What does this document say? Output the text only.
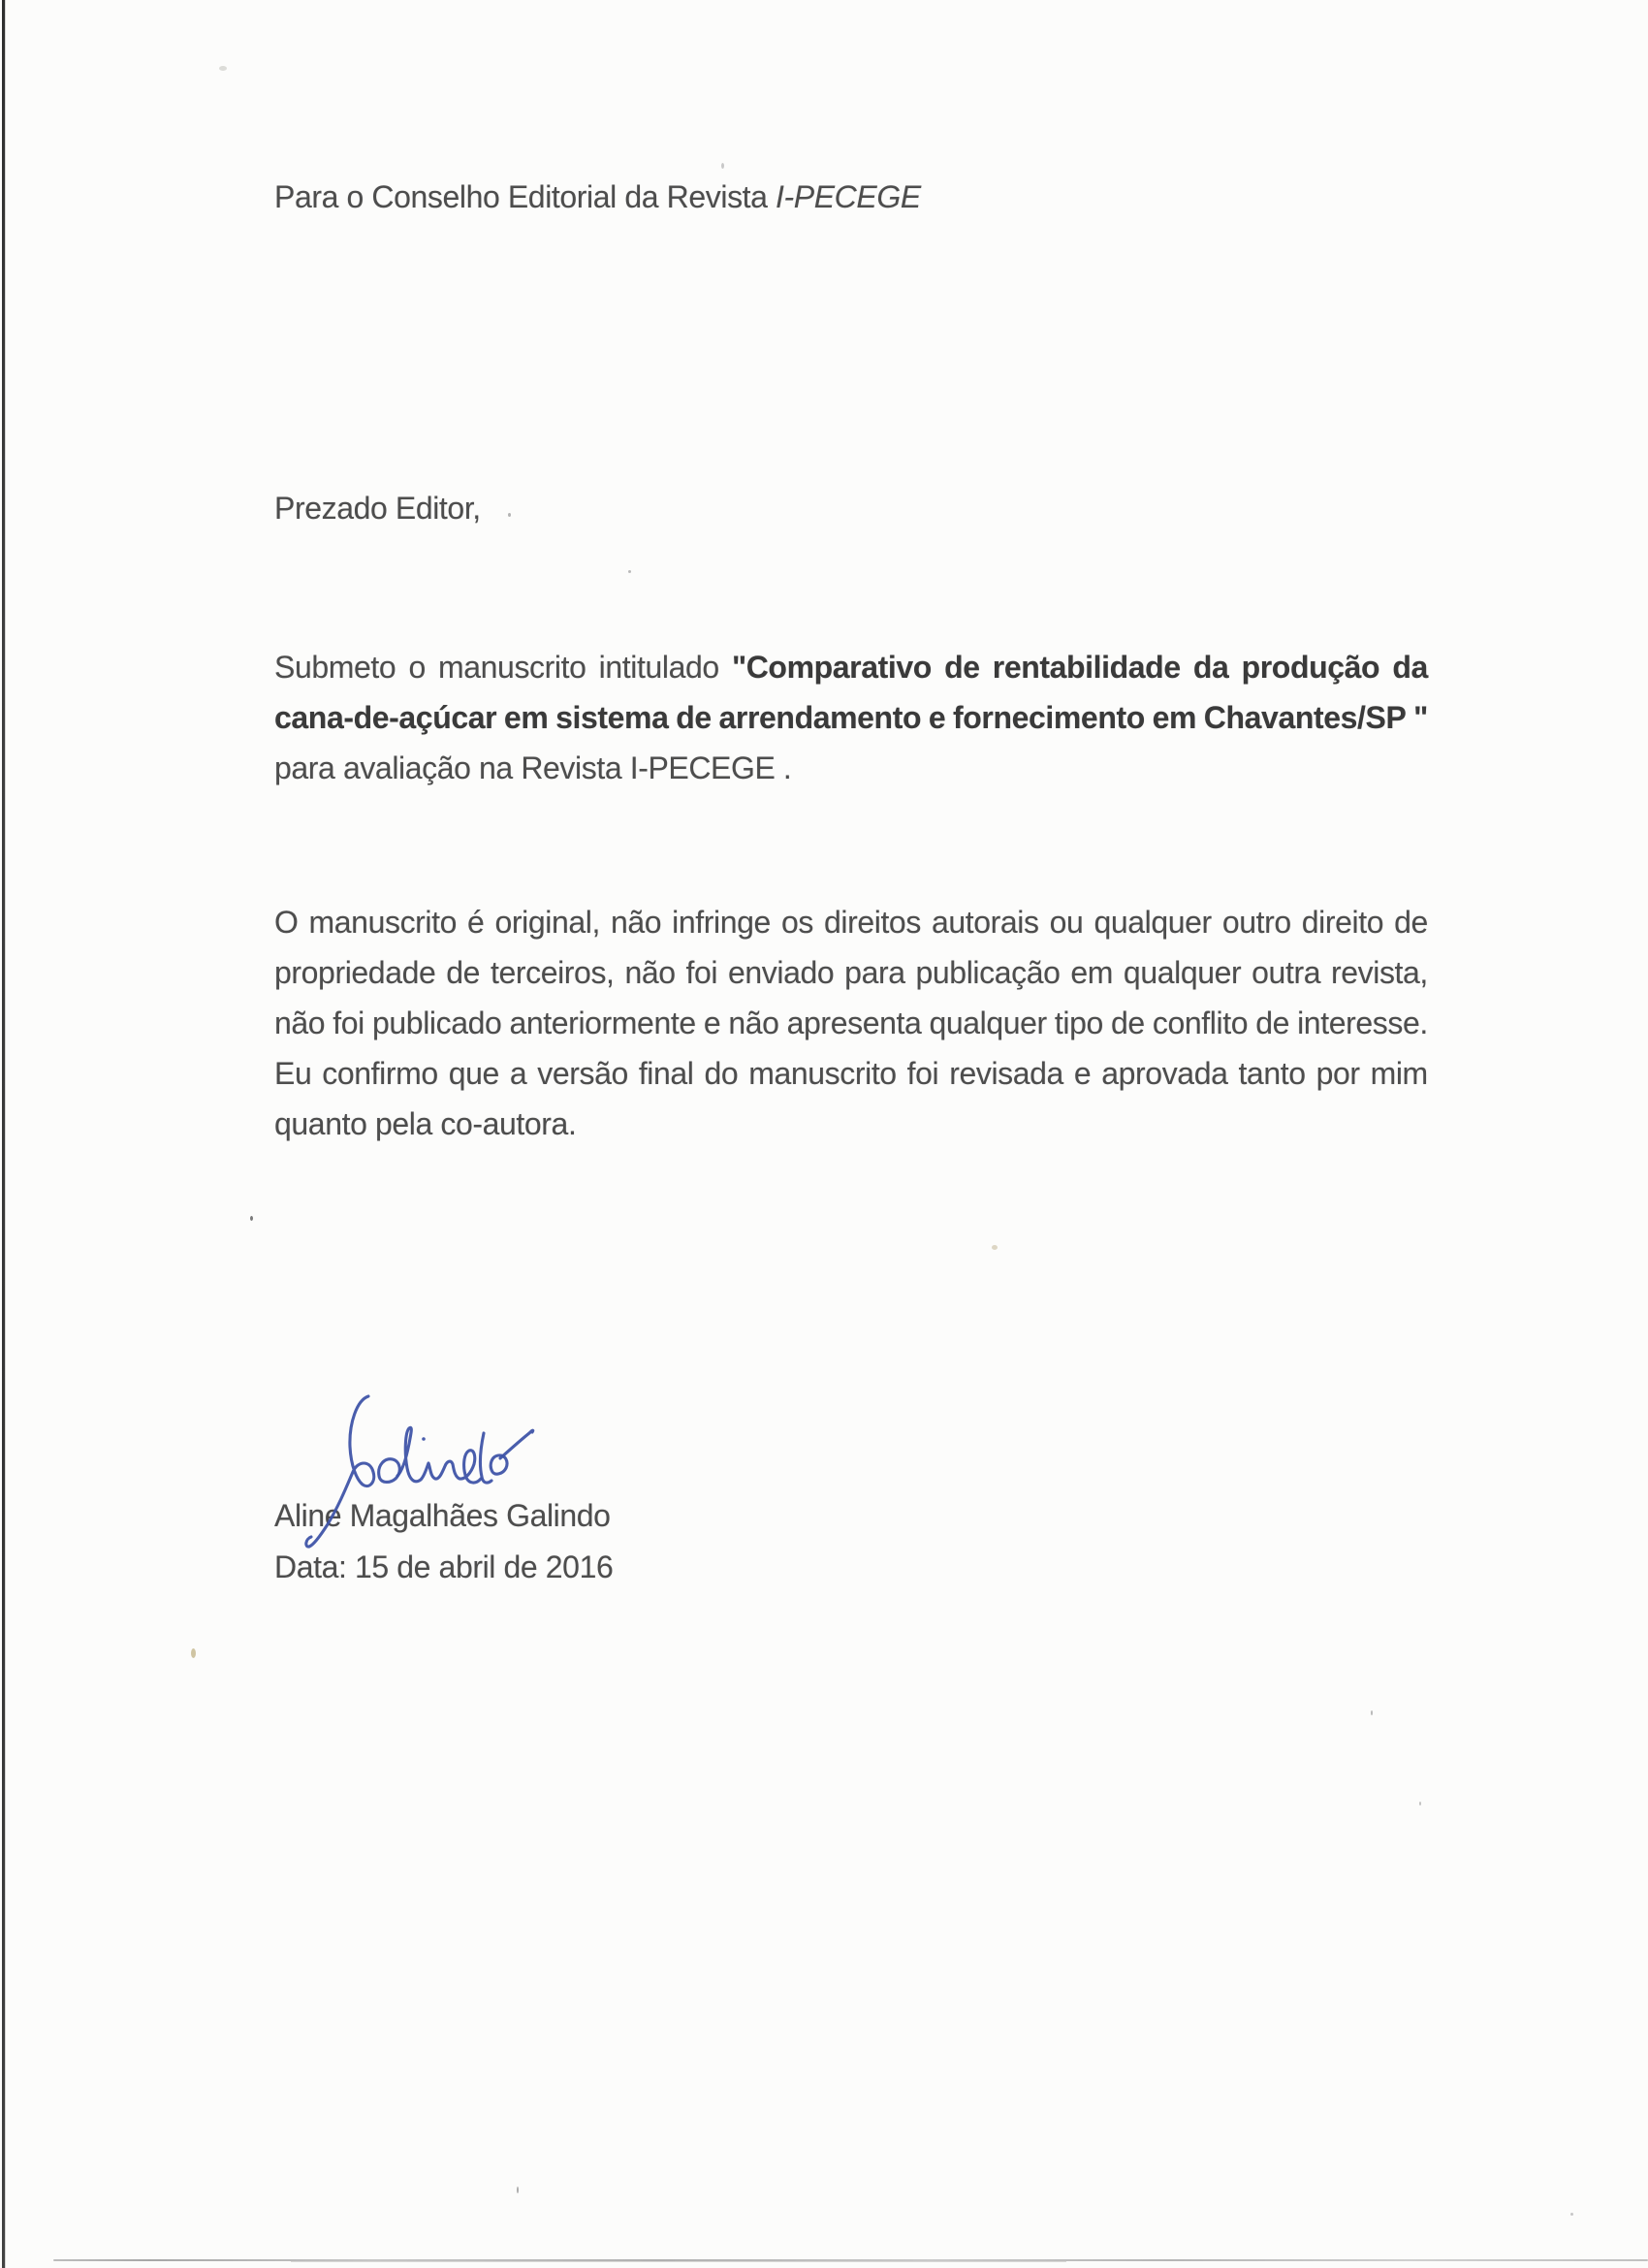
Para o Conselho Editorial da Revista I-PECEGE
Prezado Editor,
Submeto o manuscrito intitulado "Comparativo de rentabilidade da produção da
cana-de-açúcar em sistema de arrendamento e fornecimento em Chavantes/SP "
para avaliação na Revista I-PECEGE .
O manuscrito é original, não infringe os direitos autorais ou qualquer outro direito de
propriedade de terceiros, não foi enviado para publicação em qualquer outra revista,
não foi publicado anteriormente e não apresenta qualquer tipo de conflito de interesse.
Eu confirmo que a versão final do manuscrito foi revisada e aprovada tanto por mim
quanto pela co-autora.
Aline Magalhães Galindo
Data: 15 de abril de 2016
